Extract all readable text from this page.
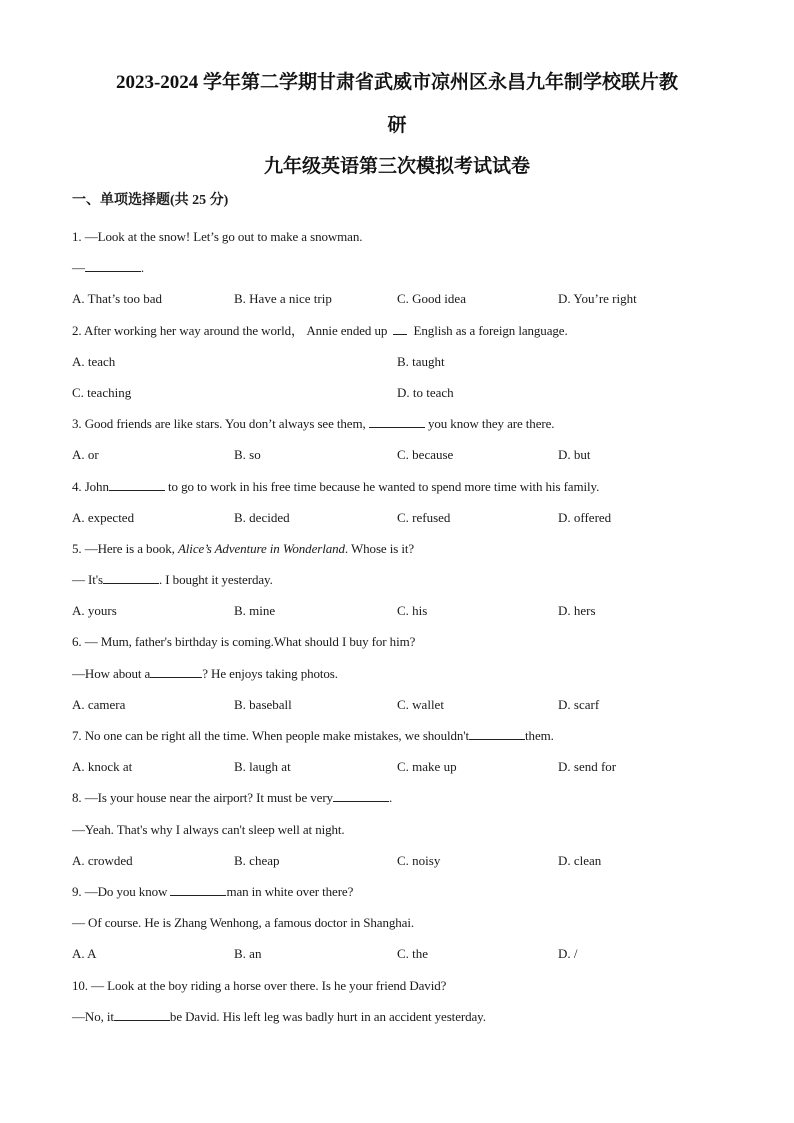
2023-2024 学年第二学期甘肃省武威市凉州区永昌九年制学校联片教
研
九年级英语第三次模拟考试试卷
一、单项选择题(共 25 分)
1. —Look at the snow! Let’s go out to make a snowman.
—	.
A. That’s too bad	B. Have a nice trip	C. Good idea	D. You’re right
2. After working her way around the world， Annie ended up  English as a foreign language.
A. teach	B. taught
C. teaching	D. to teach
3. Good friends are like stars. You don’t always see them,	you know they are there.
A. or	B. so	C. because	D. but
4. John	to go to work in his free time because he wanted to spend more time with his family.
A. expected	B. decided	C. refused	D. offered
5. —Here is a book, Alice’s Adventure in Wonderland. Whose is it?
— It's	. I bought it yesterday.
A. yours	B. mine	C. his	D. hers
6. — Mum, father's birthday is coming.What should I buy for him?
—How about a	? He enjoys taking photos.
A. camera	B. baseball	C. wallet	D. scarf
7. No one can be right all the time. When people make mistakes, we shouldn't	them.
A. knock at	B. laugh at	C. make up	D. send for
8. —Is your house near the airport? It must be very	.
—Yeah. That's why I always can't sleep well at night.
A. crowded	B. cheap	C. noisy	D. clean
9. —Do you know	man in white over there?
— Of course. He is Zhang Wenhong, a famous doctor in Shanghai.
A. A	B. an	C. the	D. /
10. — Look at the boy riding a horse over there. Is he your friend David?
—No, it	be David. His left leg was badly hurt in an accident yesterday.
